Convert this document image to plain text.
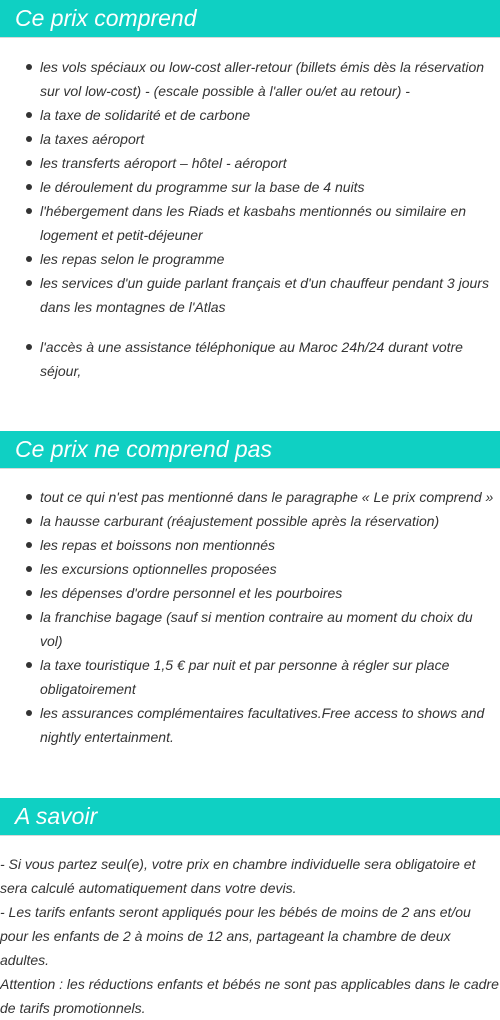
Ce prix comprend
les vols spéciaux ou low-cost aller-retour (billets émis dès la réservation sur vol low-cost) - (escale possible à l'aller ou/et au retour) -
la taxe de solidarité et de carbone
la taxes aéroport
les transferts aéroport – hôtel - aéroport
le déroulement du programme sur la base de 4 nuits
l'hébergement dans les Riads et kasbahs mentionnés ou similaire en logement et petit-déjeuner
les repas selon le programme
les services d'un guide parlant français et d'un chauffeur pendant 3 jours dans les montagnes de l'Atlas
l'accès à une assistance téléphonique au Maroc 24h/24 durant votre séjour,
Ce prix ne comprend pas
tout ce qui n'est pas mentionné dans le paragraphe « Le prix comprend »
la hausse carburant (réajustement possible après la réservation)
les repas et boissons non mentionnés
les excursions optionnelles proposées
les dépenses d'ordre personnel et les pourboires
la franchise bagage (sauf si mention contraire au moment du choix du vol)
la taxe touristique 1,5 € par nuit et par personne à régler sur place obligatoirement
les assurances complémentaires facultatives.Free access to shows and nightly entertainment.
A savoir

- Si vous partez seul(e), votre prix en chambre individuelle sera obligatoire et sera calculé automatiquement dans votre devis.
- Les tarifs enfants seront appliqués pour les bébés de moins de 2 ans et/ou pour les enfants de 2 à moins de 12 ans, partageant la chambre de deux adultes.
Attention : les réductions enfants et bébés ne sont pas applicables dans le cadre de tarifs promotionnels.
